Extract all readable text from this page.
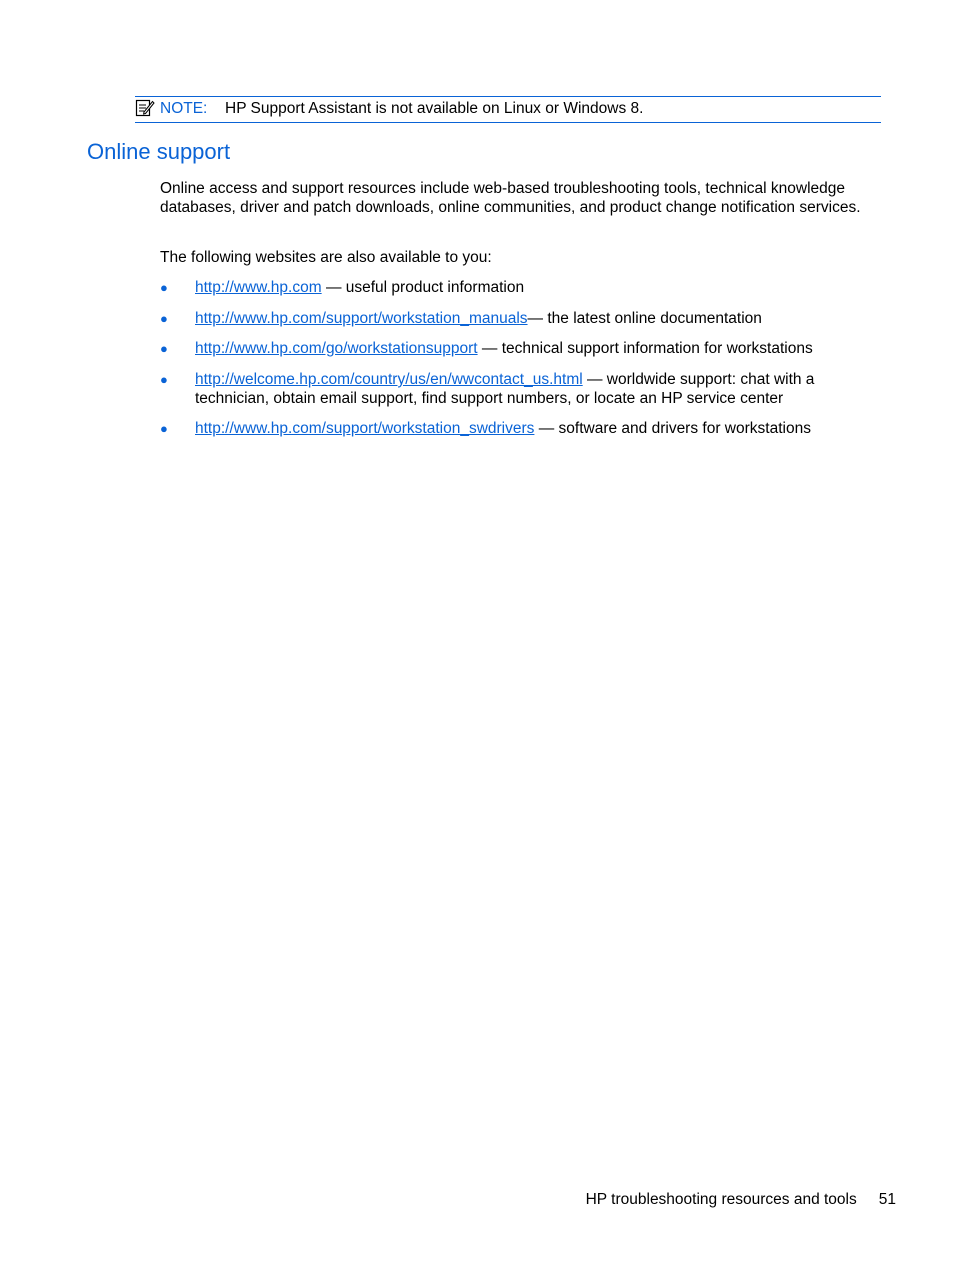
NOTE: HP Support Assistant is not available on Linux or Windows 8.
Online support

Online access and support resources include web-based troubleshooting tools, technical knowledge databases, driver and patch downloads, online communities, and product change notification services.

The following websites are also available to you:

●	http://www.hp.com — useful product information
●	http://www.hp.com/support/workstation_manuals— the latest online documentation
●	http://www.hp.com/go/workstationsupport — technical support information for workstations
●	http://welcome.hp.com/country/us/en/wwcontact_us.html — worldwide support: chat with a technician, obtain email support, find support numbers, or locate an HP service center
●	http://www.hp.com/support/workstation_swdrivers — software and drivers for workstations
HP troubleshooting resources and tools 51
